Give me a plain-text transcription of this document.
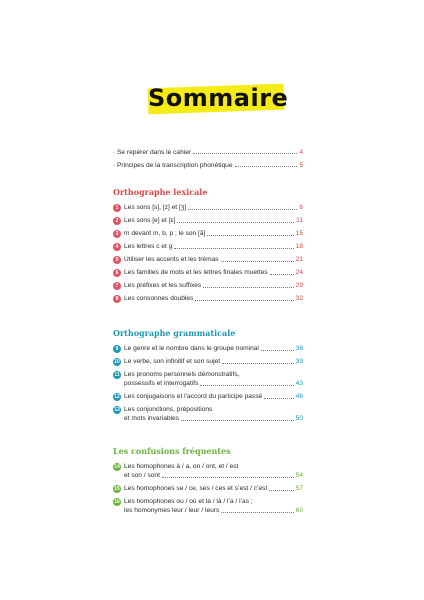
Sommaire
· Se repérer dans le cahier	4
· Principes de la transcription phonétique	5
Orthographe lexicale
1 Les sons [s], [z] et [ʒ]	6
2 Les sons [e] et [ɛ]	11
3 m devant m, b, p ; le son [ã]	15
4 Les lettres c et g	18
5 Utiliser les accents et les trémas	21
6 Les familles de mots et les lettres finales muettes	24
7 Les préfixes et les suffixes	29
8 Les consonnes doubles	32
Orthographe grammaticale
9 Le genre et le nombre dans le groupe nominal	36
10 Le verbe, son infinitif et son sujet	39
11 Les pronoms personnels démonstratifs,
possessifs et interrogatifs	43
12 Les conjugaisons et l’accord du participe passé	46
13 Les conjonctions, prépositions
et mots invariables	50
Les confusions fréquentes
14 Les homophones à / a, on / ont, et / est
et son / sont	54
15 Les homophones se / ce, ses / ces et s’est / c’est	57
16 Les homophones ou / où et la / là / l’a / l’as ;
les homonymes leur / leur / leurs	60
